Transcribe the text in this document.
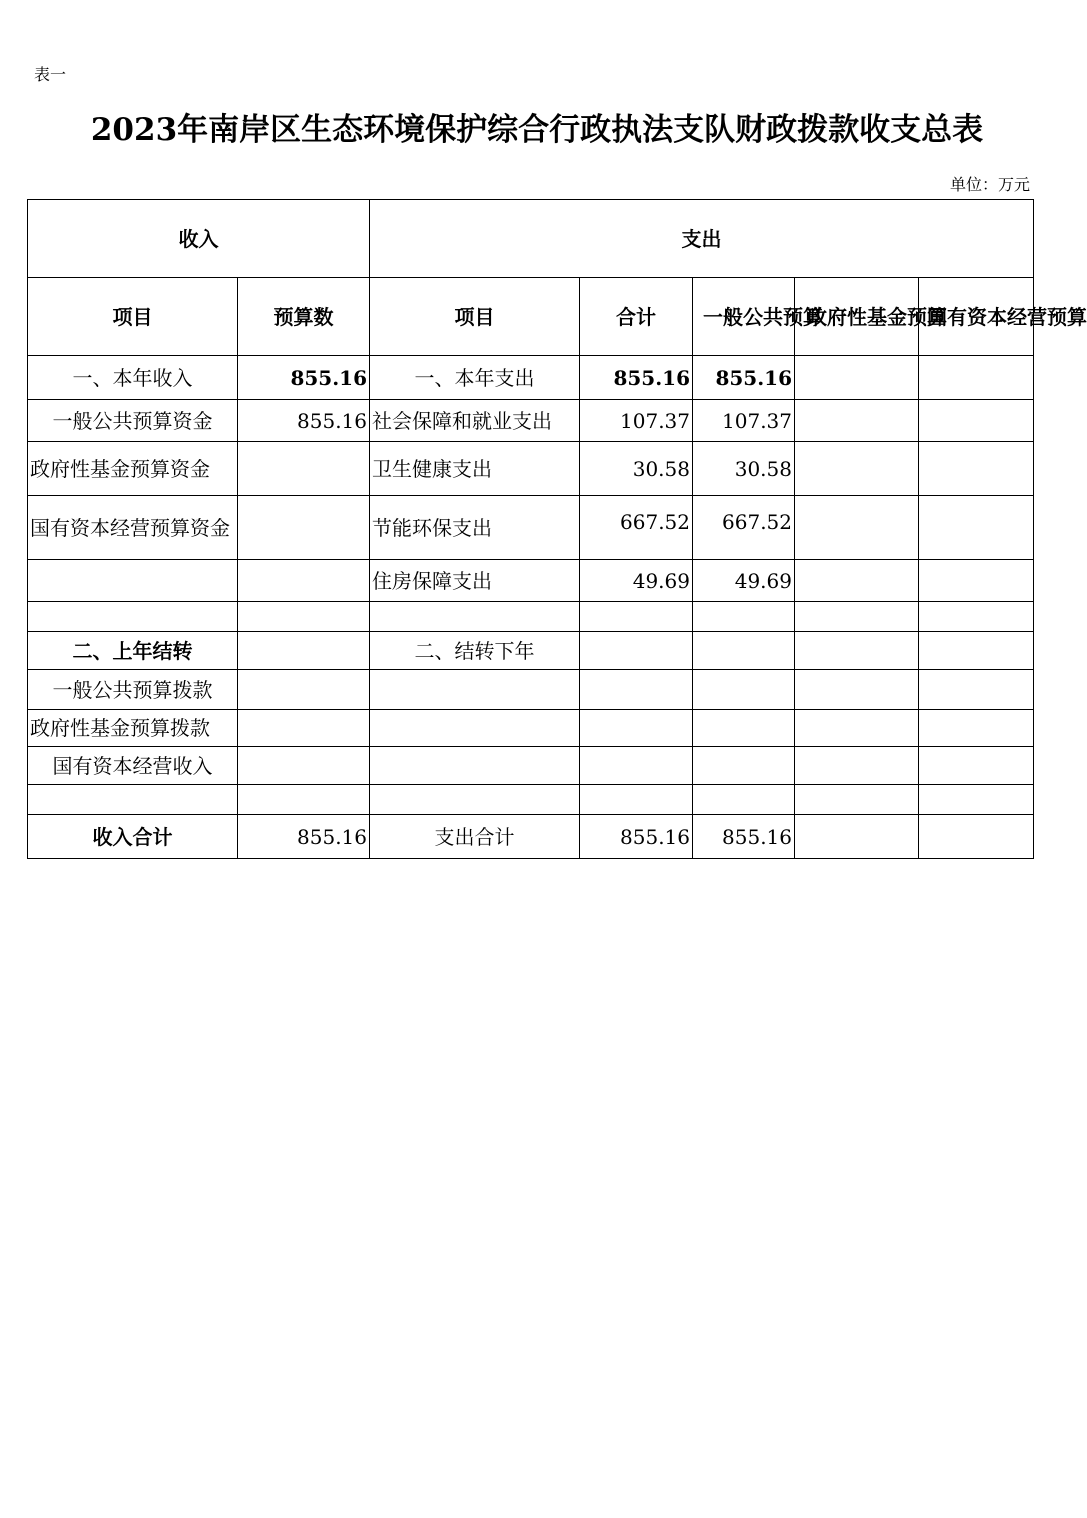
表一
2023年南岸区生态环境保护综合行政执法支队财政拨款收支总表
单位：万元
收入		支出				
项目	预算数	项目	合计	一般公共预算	政府性基金预算	国有资本经营预算
一、本年收入	855.16	一、本年支出	855.16	855.16		
一般公共预算资金	855.16	社会保障和就业支出	107.37	107.37		
政府性基金预算资金		卫生健康支出	30.58	30.58		
国有资本经营预算资金		节能环保支出	667.52	667.52		
		住房保障支出	49.69	49.69		

二、上年结转		二、结转下年				
一般公共预算拨款						
政府性基金预算拨款						
国有资本经营收入						

收入合计	855.16	支出合计	855.16	855.16		
